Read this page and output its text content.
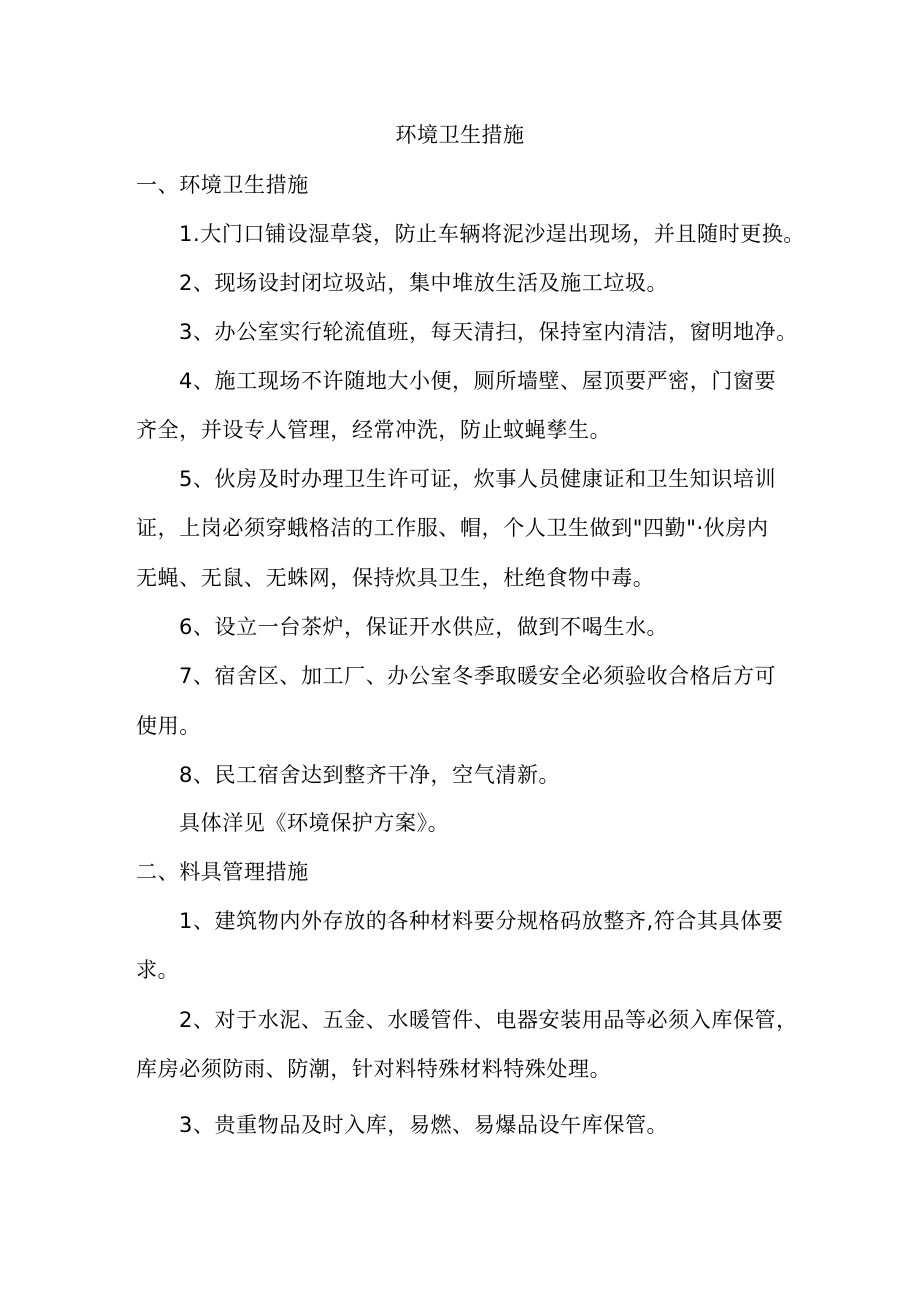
环境卫生措施
一、环境卫生措施
1.大门口铺设湿草袋，防止车辆将泥沙逞出现场，并且随时更换。
2、现场设封闭垃圾站，集中堆放生活及施工垃圾。
3、办公室实行轮流值班，每天清扫，保持室内清洁，窗明地净。
4、施工现场不许随地大小便，厕所墙壁、屋顶要严密，门窗要
齐全，并设专人管理，经常冲洗，防止蚊蝇孳生。
5、伙房及时办理卫生许可证，炊事人员健康证和卫生知识培训
证，上岗必须穿蛾格洁的工作服、帽，个人卫生做到"四勤"·伙房内
无蝇、无鼠、无蛛网，保持炊具卫生，杜绝食物中毒。
6、设立一台茶炉，保证开水供应，做到不喝生水。
7、宿舍区、加工厂、办公室冬季取暖安全必须验收合格后方可
使用。
8、民工宿舍达到整齐干净，空气清新。
具体洋见《环境保护方案》。
二、料具管理措施
1、建筑物内外存放的各种材料要分规格码放整齐,符合其具体要
求。
2、对于水泥、五金、水暖管件、电器安装用品等必须入库保管，
库房必须防雨、防潮，针对料特殊材料特殊处理。
3、贵重物品及时入库，易燃、易爆品设午库保管。
